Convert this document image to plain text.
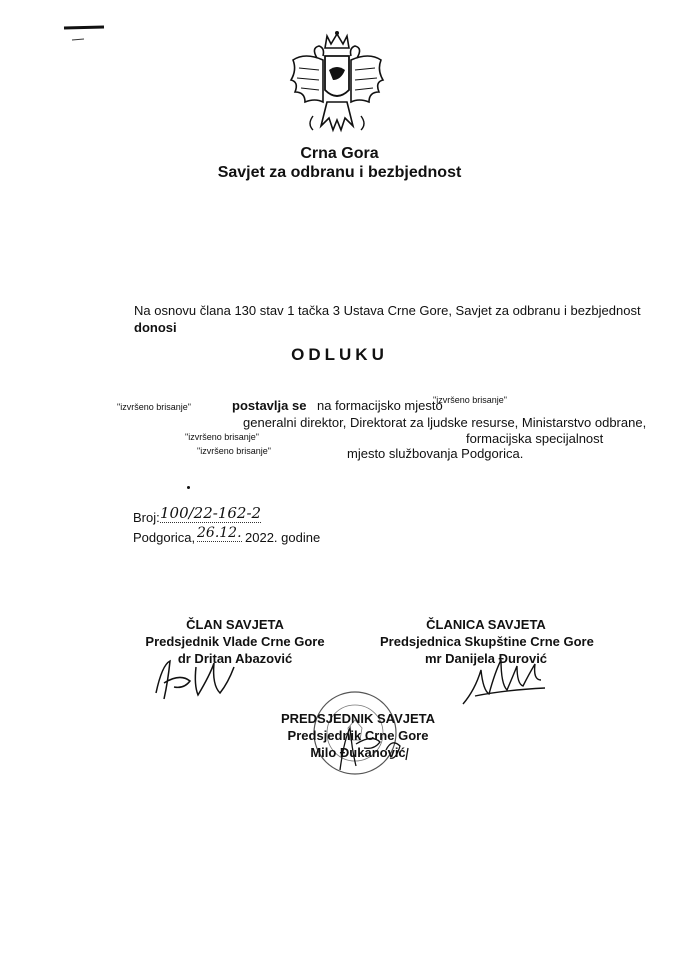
Crna Gora
Savjet za odbranu i bezbjednost
Na osnovu člana 130 stav 1 tačka 3 Ustava Crne Gore, Savjet za odbranu i bezbjednost
donosi
ODLUKU
"izvršeno brisanje"	postavlja se na formacijsko mjesto
"izvršeno brisanje"
generalni direktor, Direktorat za ljudske resurse, Ministarstvo odbrane,
"izvršeno brisanje"	formacijska specijalnost
"izvršeno brisanje"	mjesto službovanja Podgorica.
Broj: 100/22-162-2
Podgorica, 26.12. 2022. godine
ČLAN SAVJETA
Predsjednik Vlade Crne Gore
dr Dritan Abazović
ČLANICA SAVJETA
Predsjednica Skupštine Crne Gore
mr Danijela Đurović
PREDSJEDNIK SAVJETA
Predsjednik Crne Gore
Milo Đukanović
